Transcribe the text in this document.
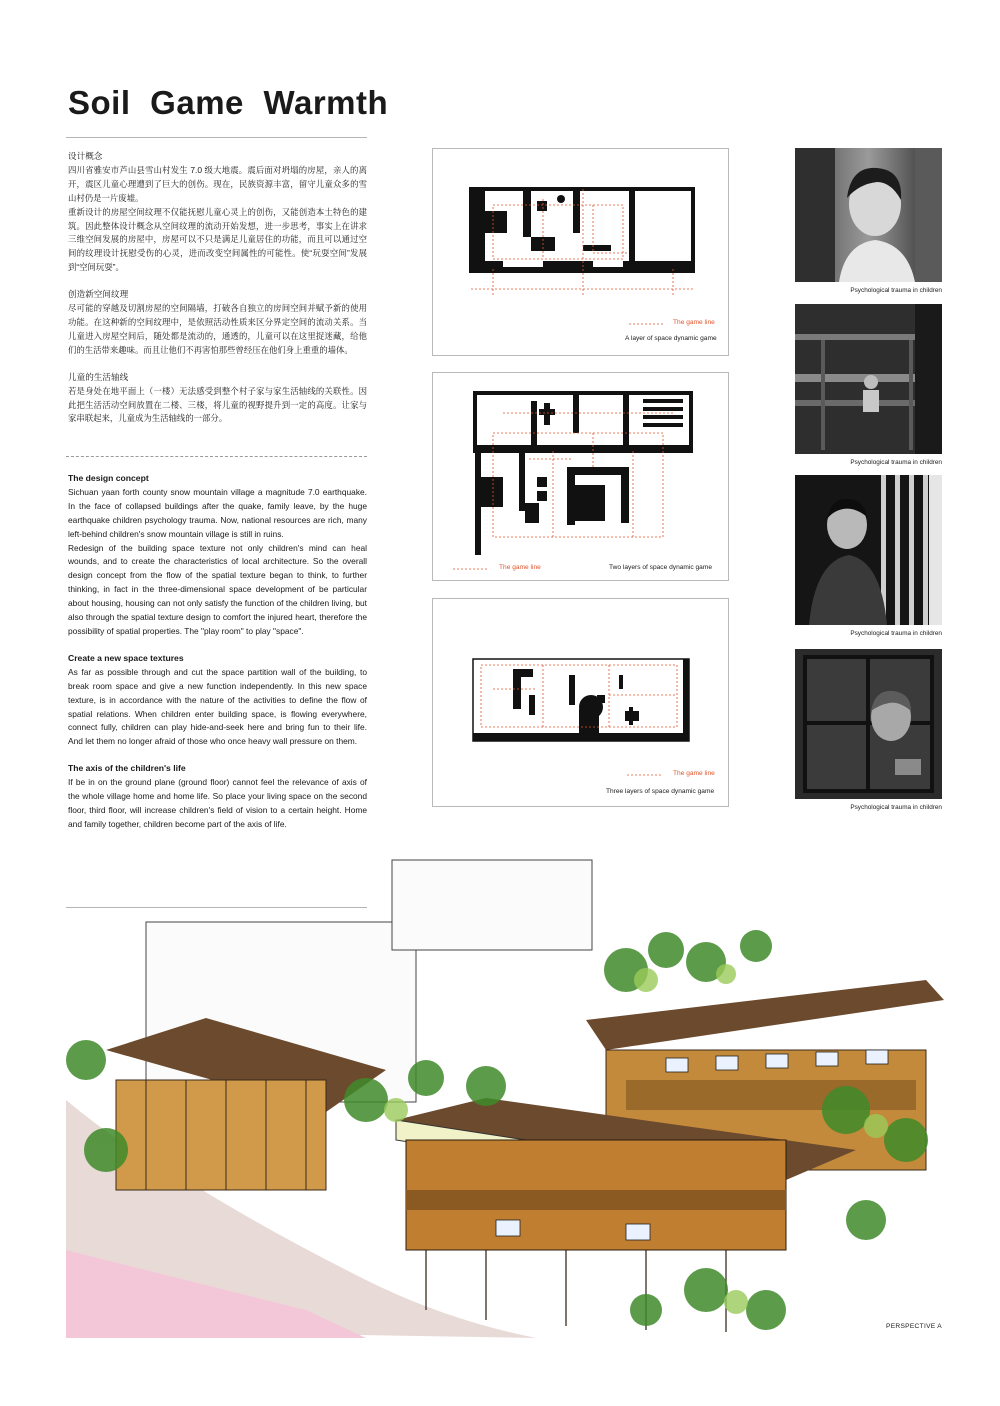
Soil Game Warmth
设计概念

四川省雅安市芦山县雪山村发生 7.0 级大地震。震后面对坍塌的房屋，亲人的离开，震区儿童心理遭到了巨大的创伤。现在，民族资源丰富，留守儿童众多的雪山村仍是一片废墟。

重新设计的房屋空间纹理不仅能抚慰儿童心灵上的创伤，又能创造本土特色的建筑。因此整体设计概念从空间纹理的流动开始发想，进一步思考，事实上在讲求三维空间发展的房屋中，房屋可以不只是满足儿童居住的功能，而且可以通过空间的纹理设计抚慰受伤的心灵，进而改变空间属性的可能性。使“玩耍空间”发展到“空间玩耍”。

创造新空间纹理

尽可能的穿越及切割房屋的空间隔墙，打破各自独立的房间空间并赋予新的使用功能。在这种新的空间纹理中，是依照活动性质来区分界定空间的流动关系。当儿童进入房屋空间后，随处都是流动的，通透的，儿童可以在这里捉迷藏，给他们的生活带来趣味。而且让他们不再害怕那些曾经压在他们身上重重的墙体。

儿童的生活轴线

若是身处在地平面上（一楼）无法感受到整个村子家与家生活轴线的关联性。因此把生活活动空间放置在二楼、三楼，将儿童的视野提升到一定的高度。让家与家串联起来，儿童成为生活轴线的一部分。

The design concept

Sichuan yaan forth county snow mountain village a magnitude 7.0 earthquake. In the face of collapsed buildings after the quake, family leave, by the huge earthquake children psychology trauma. Now, national resources are rich, many left-behind children's snow mountain village is still in ruins.

Redesign of the building space texture not only children's mind can heal wounds, and to create the characteristics of local architecture. So the overall design concept from the flow of the spatial texture began to think, to further thinking, in fact in the three-dimensional space development of be particular about housing, housing can not only satisfy the function of the children living, but also through the spatial texture design to comfort the injured heart, therefore the possibility of spatial properties. The "play room" to play "space".

Create a new space textures

As far as possible through and cut the space partition wall of the building, to break room space and give a new function independently. In this new space texture, is in accordance with the nature of the activities to define the flow of spatial relations. When children enter building space, is flowing everywhere, connect fully, children can play hide-and-seek here and bring fun to their life. And let them no longer afraid of those who once heavy wall pressure on them.

The axis of the children's life

If be in on the ground plane (ground floor) cannot feel the relevance of axis of the whole village home and home life. So place your living space on the second floor, third floor, will increase children's field of vision to a certain height. Home and family together, children become part of the axis of life.

The game line
A layer of space dynamic game
The game line	Two layers of space dynamic game
The game line
Three layers of space dynamic game
Psychological trauma in children
Psychological trauma in children
Psychological trauma in children
Psychological trauma in children
PERSPECTIVE A
